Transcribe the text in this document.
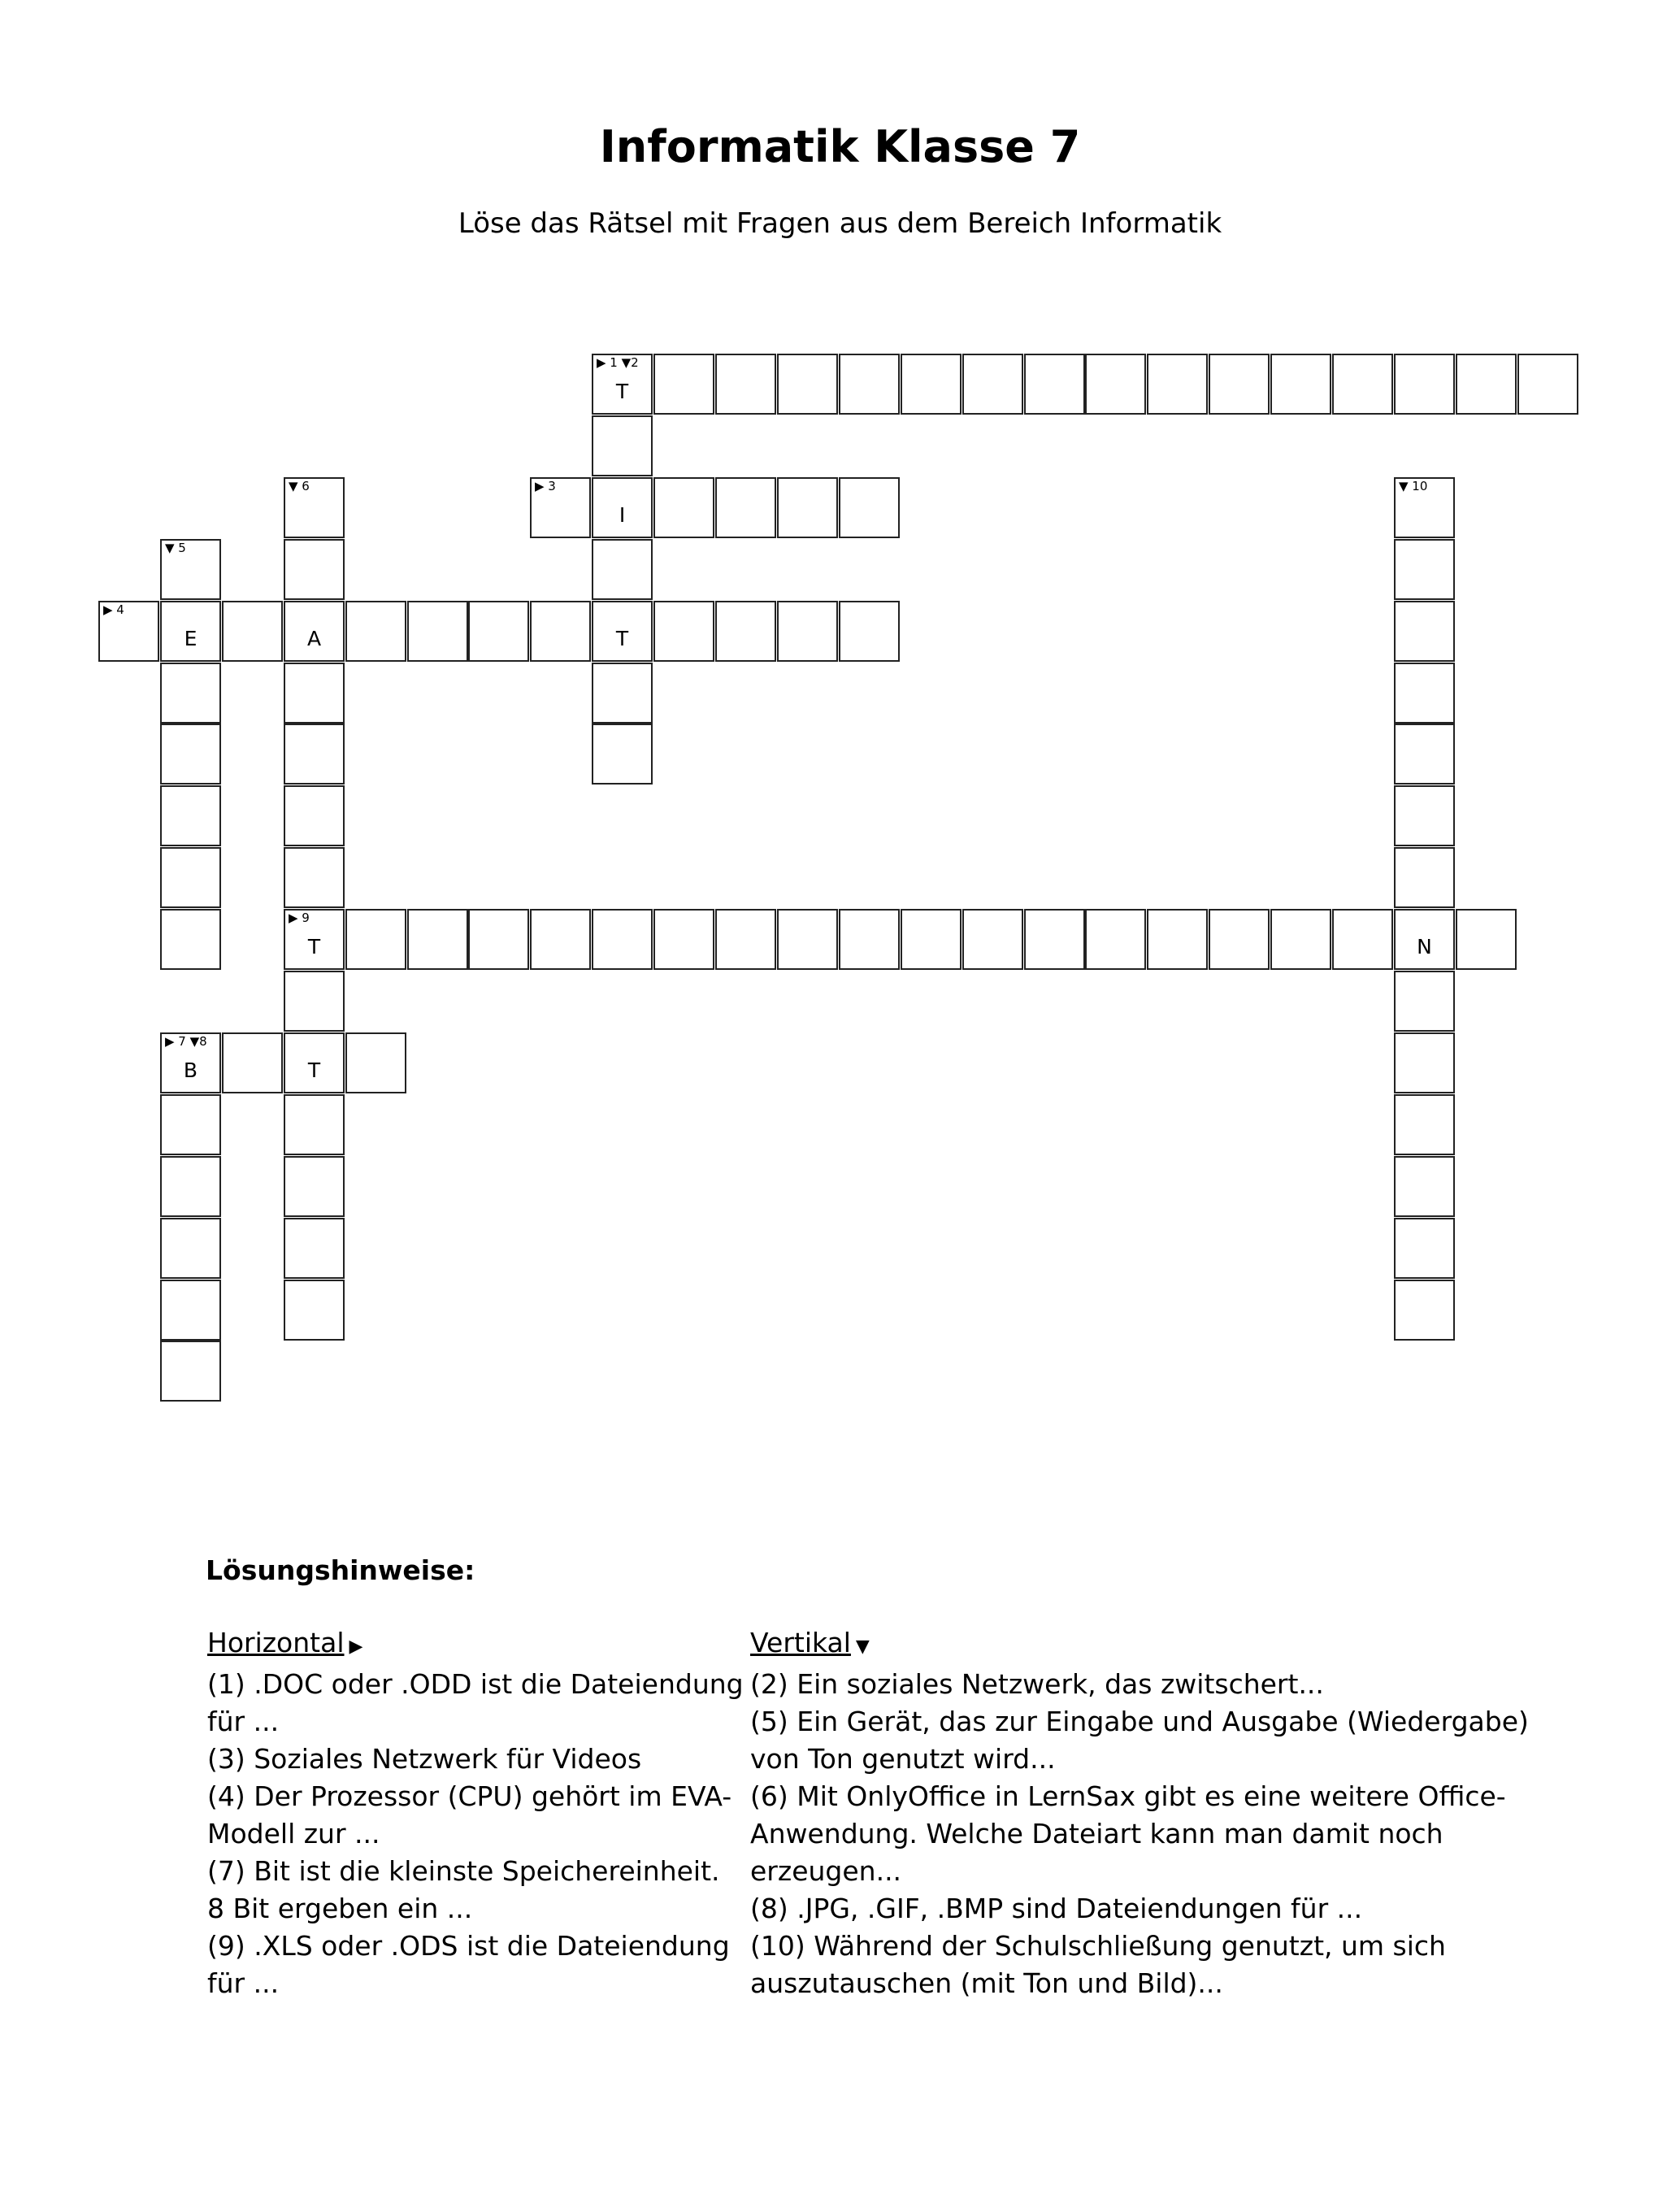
Informatik Klasse 7
Löse das Rätsel mit Fragen aus dem Bereich Informatik
▶ 1 ▼2
T
I
T
▶ 3
▼ 6
A
▶ 9
T
T
▼ 10
N
▼ 5
E
▶ 4
▶ 7 ▼8
B
Lösungshinweise:
Horizontal ▶

(1) .DOC oder .ODD ist die Dateiendung für ...

(3) Soziales Netzwerk für Videos

(4) Der Prozessor (CPU) gehört im EVA-Modell zur ...

(7) Bit ist die kleinste Speichereinheit. 8 Bit ergeben ein ...

(9) .XLS oder .ODS ist die Dateiendung für ...

Vertikal ▼

(2) Ein soziales Netzwerk, das zwitschert...

(5) Ein Gerät, das zur Eingabe und Ausgabe (Wiedergabe) von Ton genutzt wird...

(6) Mit OnlyOffice in LernSax gibt es eine weitere Office-Anwendung. Welche Dateiart kann man damit noch erzeugen...

(8) .JPG, .GIF, .BMP sind Dateiendungen für ...

(10) Während der Schulschließung genutzt, um sich auszutauschen (mit Ton und Bild)...
